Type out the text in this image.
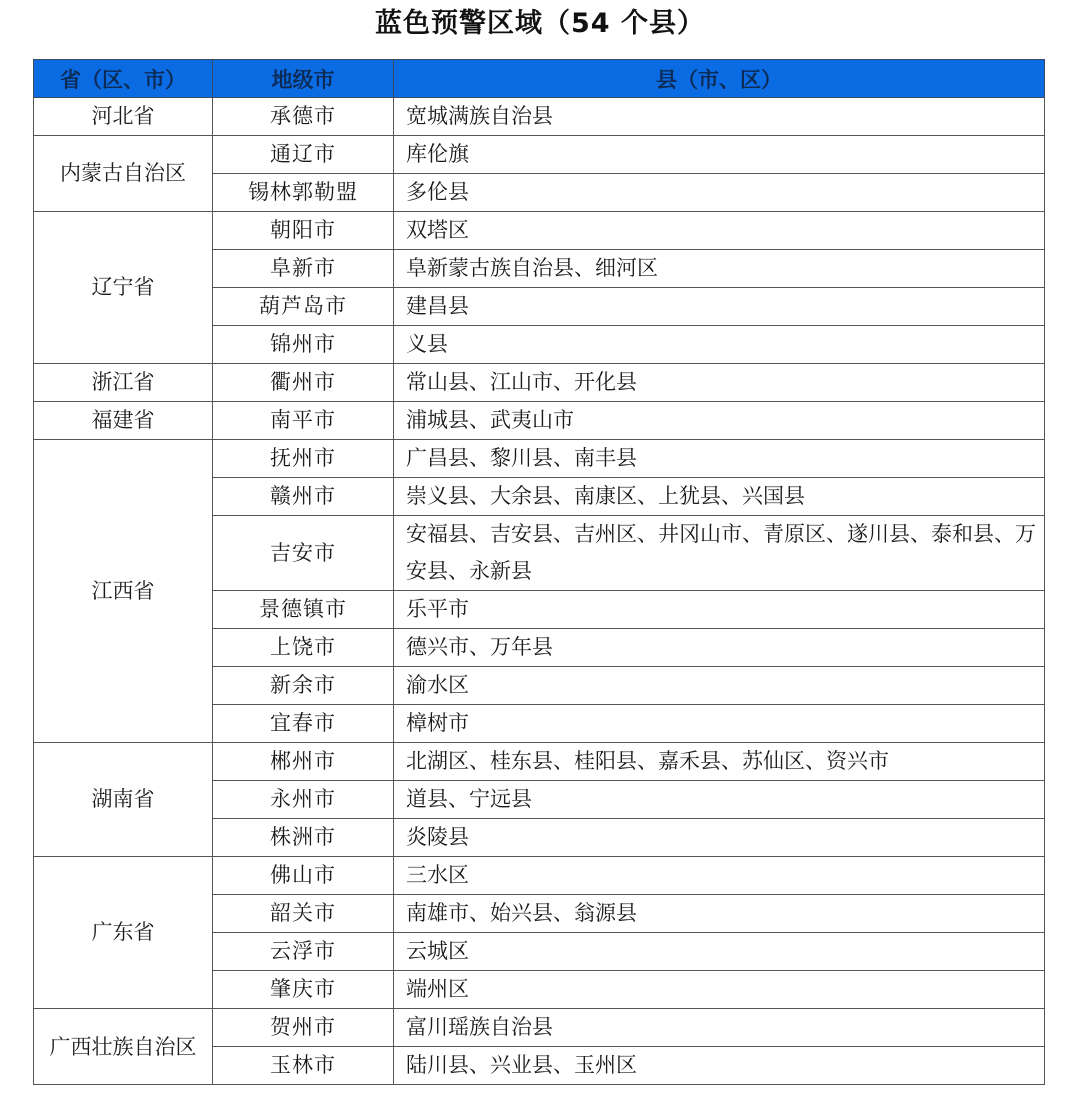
蓝色预警区域（54 个县）
省（区、市）	地级市	县（市、区）
河北省	承德市	宽城满族自治县
内蒙古自治区	通辽市	库伦旗
	锡林郭勒盟	多伦县
辽宁省	朝阳市	双塔区
	阜新市	阜新蒙古族自治县、细河区
	葫芦岛市	建昌县
	锦州市	义县
浙江省	衢州市	常山县、江山市、开化县
福建省	南平市	浦城县、武夷山市
江西省	抚州市	广昌县、黎川县、南丰县
	赣州市	崇义县、大余县、南康区、上犹县、兴国县
	吉安市	安福县、吉安县、吉州区、井冈山市、青原区、遂川县、泰和县、万安县、永新县
	景德镇市	乐平市
	上饶市	德兴市、万年县
	新余市	渝水区
	宜春市	樟树市
湖南省	郴州市	北湖区、桂东县、桂阳县、嘉禾县、苏仙区、资兴市
	永州市	道县、宁远县
	株洲市	炎陵县
广东省	佛山市	三水区
	韶关市	南雄市、始兴县、翁源县
	云浮市	云城区
	肇庆市	端州区
广西壮族自治区	贺州市	富川瑶族自治县
	玉林市	陆川县、兴业县、玉州区
